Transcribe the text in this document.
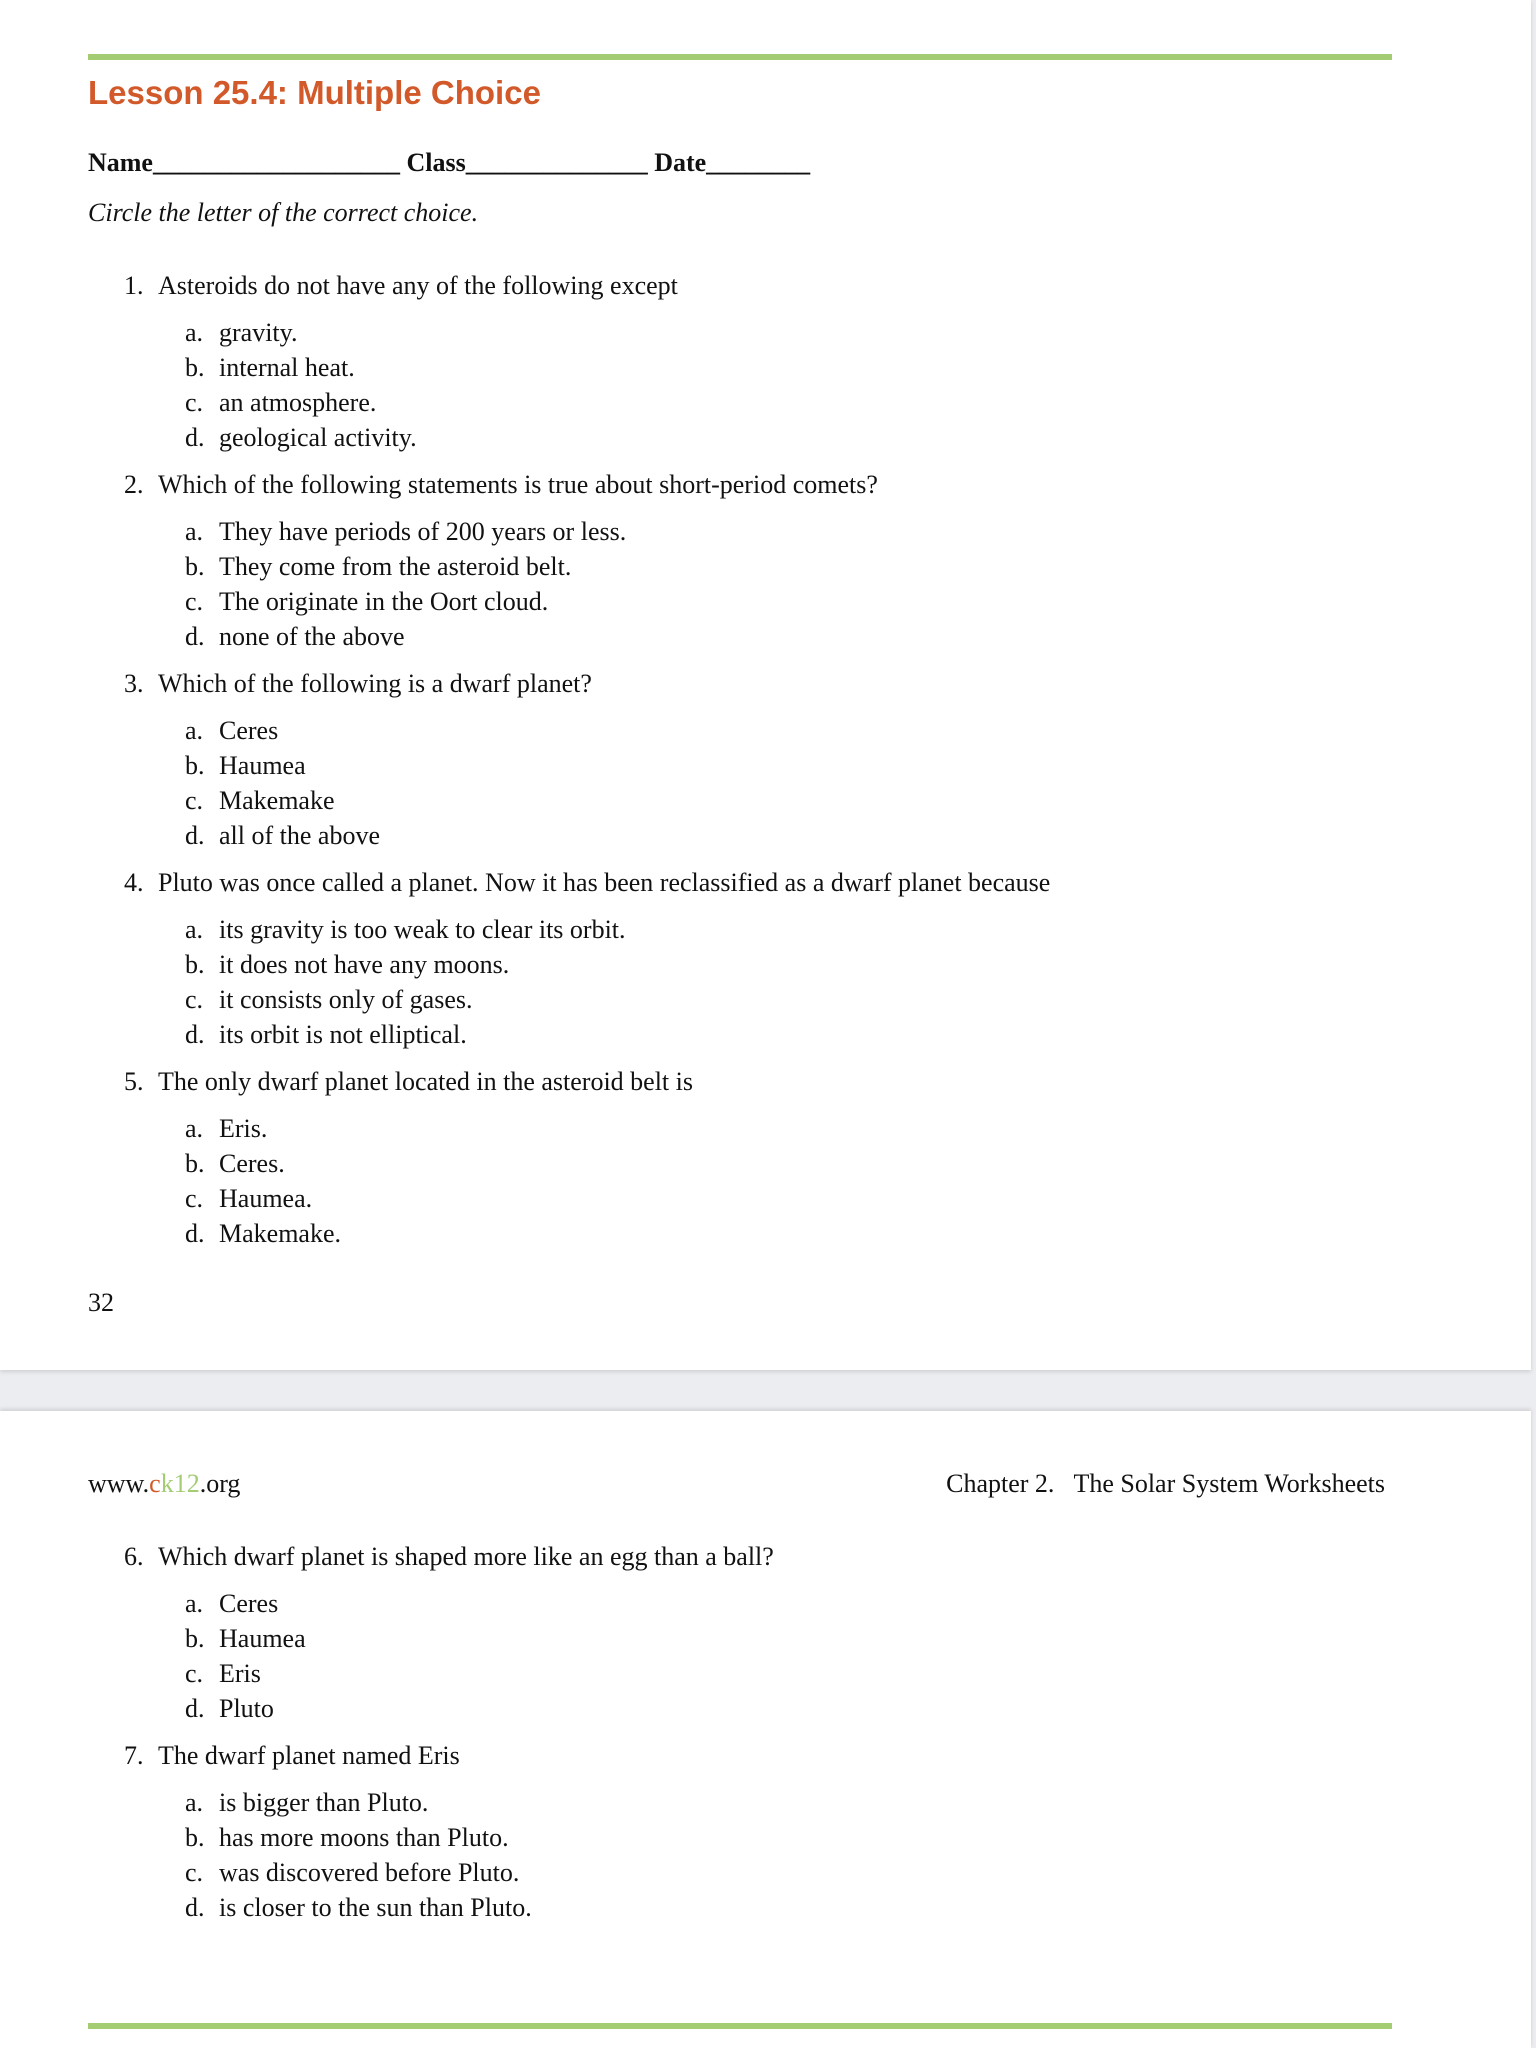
Lesson 25.4: Multiple Choice
Name___________________ Class______________ Date________
Circle the letter of the correct choice.
1. Asteroids do not have any of the following except
a. gravity.
b. internal heat.
c. an atmosphere.
d. geological activity.
2. Which of the following statements is true about short-period comets?
a. They have periods of 200 years or less.
b. They come from the asteroid belt.
c. The originate in the Oort cloud.
d. none of the above
3. Which of the following is a dwarf planet?
a. Ceres
b. Haumea
c. Makemake
d. all of the above
4. Pluto was once called a planet. Now it has been reclassified as a dwarf planet because
a. its gravity is too weak to clear its orbit.
b. it does not have any moons.
c. it consists only of gases.
d. its orbit is not elliptical.
5. The only dwarf planet located in the asteroid belt is
a. Eris.
b. Ceres.
c. Haumea.
d. Makemake.
32
www.ck12.org	Chapter 2.   The Solar System Worksheets
6. Which dwarf planet is shaped more like an egg than a ball?
a. Ceres
b. Haumea
c. Eris
d. Pluto
7. The dwarf planet named Eris
a. is bigger than Pluto.
b. has more moons than Pluto.
c. was discovered before Pluto.
d. is closer to the sun than Pluto.
